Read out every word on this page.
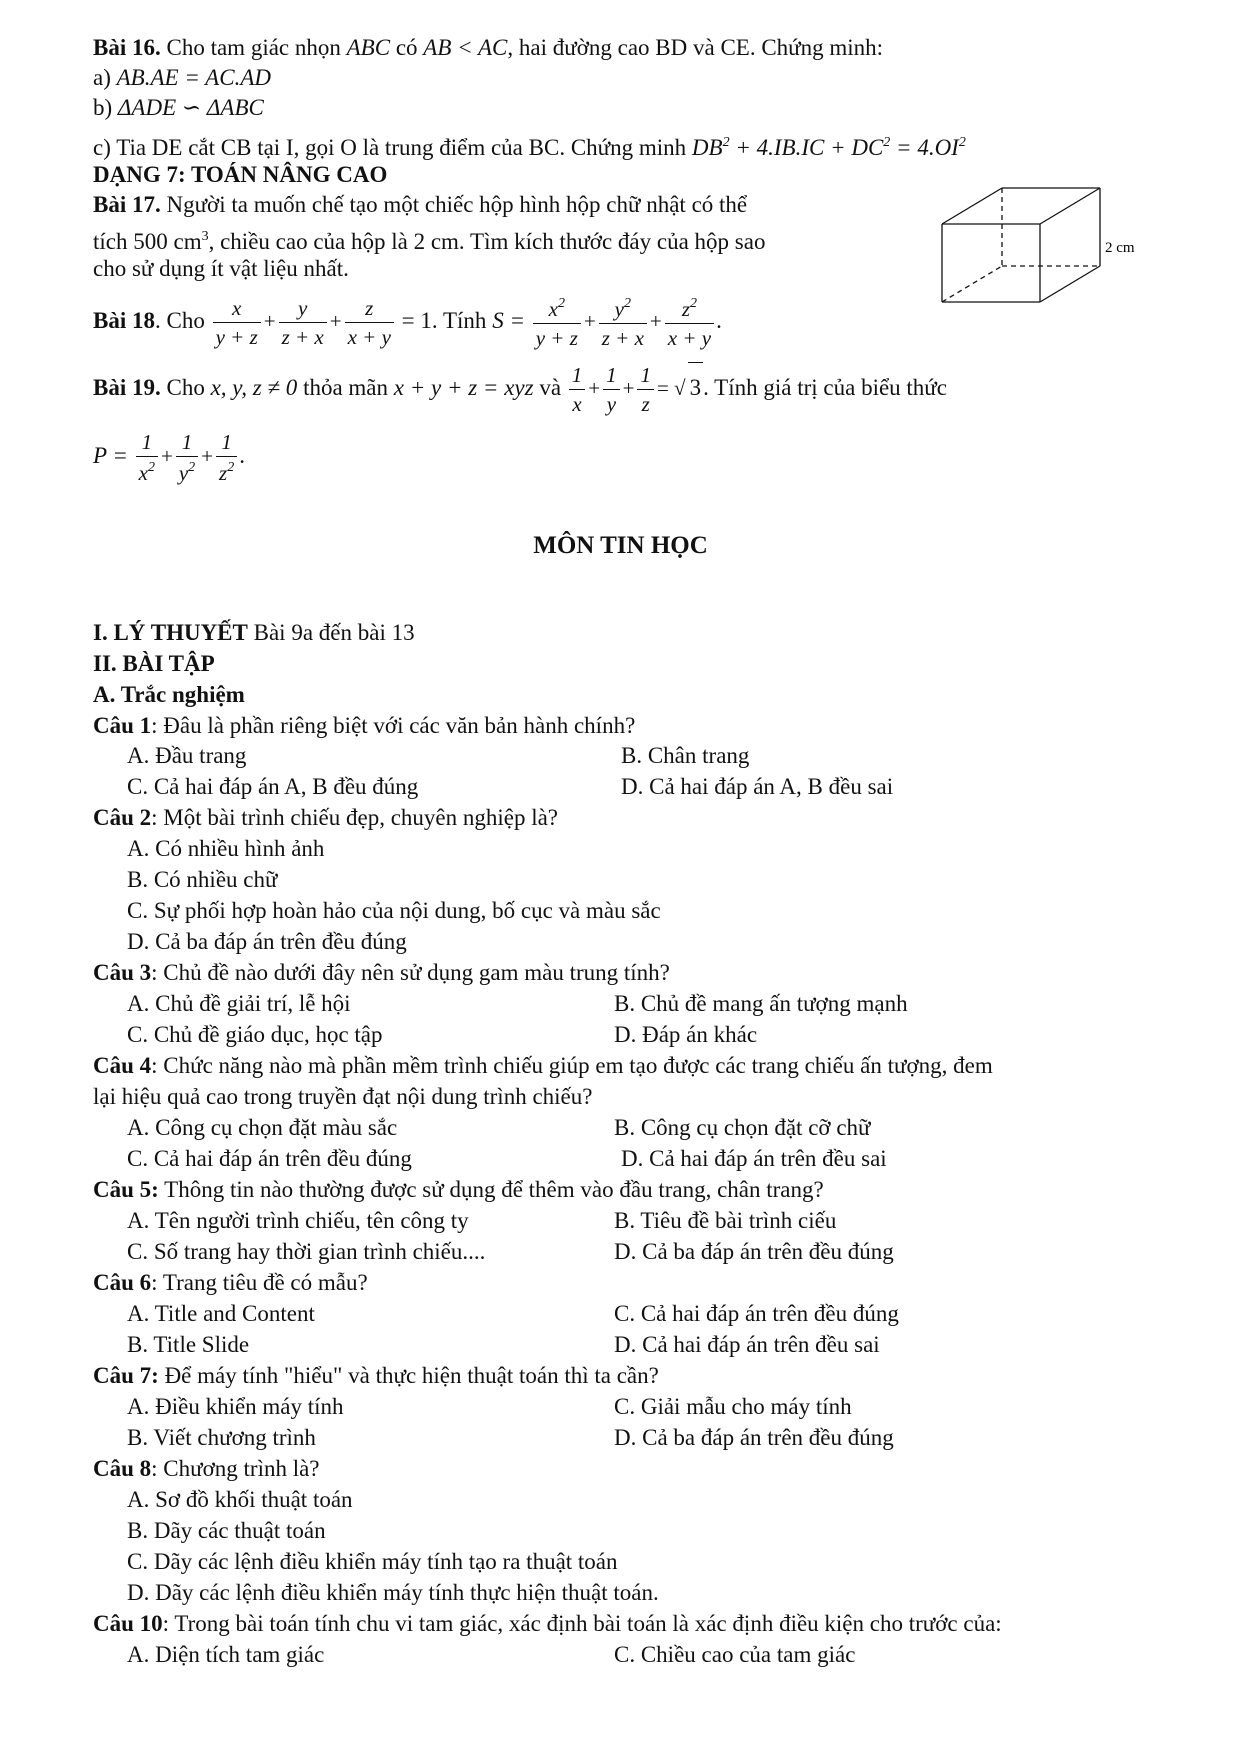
Bài 16. Cho tam giác nhọn ABC có AB < AC, hai đường cao BD và CE. Chứng minh:
a) AB.AE = AC.AD
b) ΔADE ∽ ΔABC
c) Tia DE cắt CB tại I, gọi O là trung điểm của BC. Chứng minh $DB^2 + 4.IB.IC + DC^2 = 4.OI^2$
DẠNG 7: TOÁN NÂNG CAO
Bài 17. Người ta muốn chế tạo một chiếc hộp hình hộp chữ nhật có thể
tích 500 $cm^3$, chiều cao của hộp là 2 cm. Tìm kích thước đáy của hộp sao
cho sử dụng ít vật liệu nhất.
2 cm
Bài 18. Cho $\frac{x}{y + z} + \frac{y}{z + x} + \frac{z}{x + y} = 1$. Tính $S = \frac{x^2}{y + z} + \frac{y^2}{z + x} + \frac{z^2}{x + y}$ .
Bài 19. Cho x, y, z ≠ 0 thỏa mãn x + y + z = xyz và $\frac{1}{x} + \frac{1}{y} + \frac{1}{z}$ = √ 3. Tính giá trị của biểu thức
$P = \frac{1}{x^2} + \frac{1}{y^2} + \frac{1}{z^2}$ .
MÔN TIN HỌC
I. LÝ THUYẾT Bài 9a đến bài 13
II. BÀI TẬP
A. Trắc nghiệm
Câu 1: Đâu là phần riêng biệt với các văn bản hành chính?
A. Đầu trang	B. Chân trang
C. Cả hai đáp án A, B đều đúng	D. Cả hai đáp án A, B đều sai
Câu 2: Một bài trình chiếu đẹp, chuyên nghiệp là?
A. Có nhiều hình ảnh
B. Có nhiều chữ
C. Sự phối hợp hoàn hảo của nội dung, bố cục và màu sắc
D. Cả ba đáp án trên đều đúng
Câu 3: Chủ đề nào dưới đây nên sử dụng gam màu trung tính?
A. Chủ đề giải trí, lễ hội	B. Chủ đề mang ấn tượng mạnh
C. Chủ đề giáo dục, học tập	D. Đáp án khác
Câu 4: Chức năng nào mà phần mềm trình chiếu giúp em tạo được các trang chiếu ấn tượng, đem
lại hiệu quả cao trong truyền đạt nội dung trình chiếu?
A. Công cụ chọn đặt màu sắc	B. Công cụ chọn đặt cỡ chữ
C. Cả hai đáp án trên đều đúng	D. Cả hai đáp án trên đều sai
Câu 5: Thông tin nào thường được sử dụng để thêm vào đầu trang, chân trang?
A. Tên người trình chiếu, tên công ty	B. Tiêu đề bài trình ciếu
C. Số trang hay thời gian trình chiếu....	D. Cả ba đáp án trên đều đúng
Câu 6: Trang tiêu đề có mẫu?
A. Title and Content	C. Cả hai đáp án trên đều đúng
B. Title Slide	D. Cả hai đáp án trên đều sai
Câu 7: Để máy tính "hiểu" và thực hiện thuật toán thì ta cần?
A. Điều khiển máy tính	C. Giải mẫu cho máy tính
B. Viết chương trình	D. Cả ba đáp án trên đều đúng
Câu 8: Chương trình là?
A. Sơ đồ khối thuật toán
B. Dãy các thuật toán
C. Dãy các lệnh điều khiển máy tính tạo ra thuật toán
D. Dãy các lệnh điều khiển máy tính thực hiện thuật toán.
Câu 10: Trong bài toán tính chu vi tam giác, xác định bài toán là xác định điều kiện cho trước của:
A. Diện tích tam giác	C. Chiều cao của tam giác
